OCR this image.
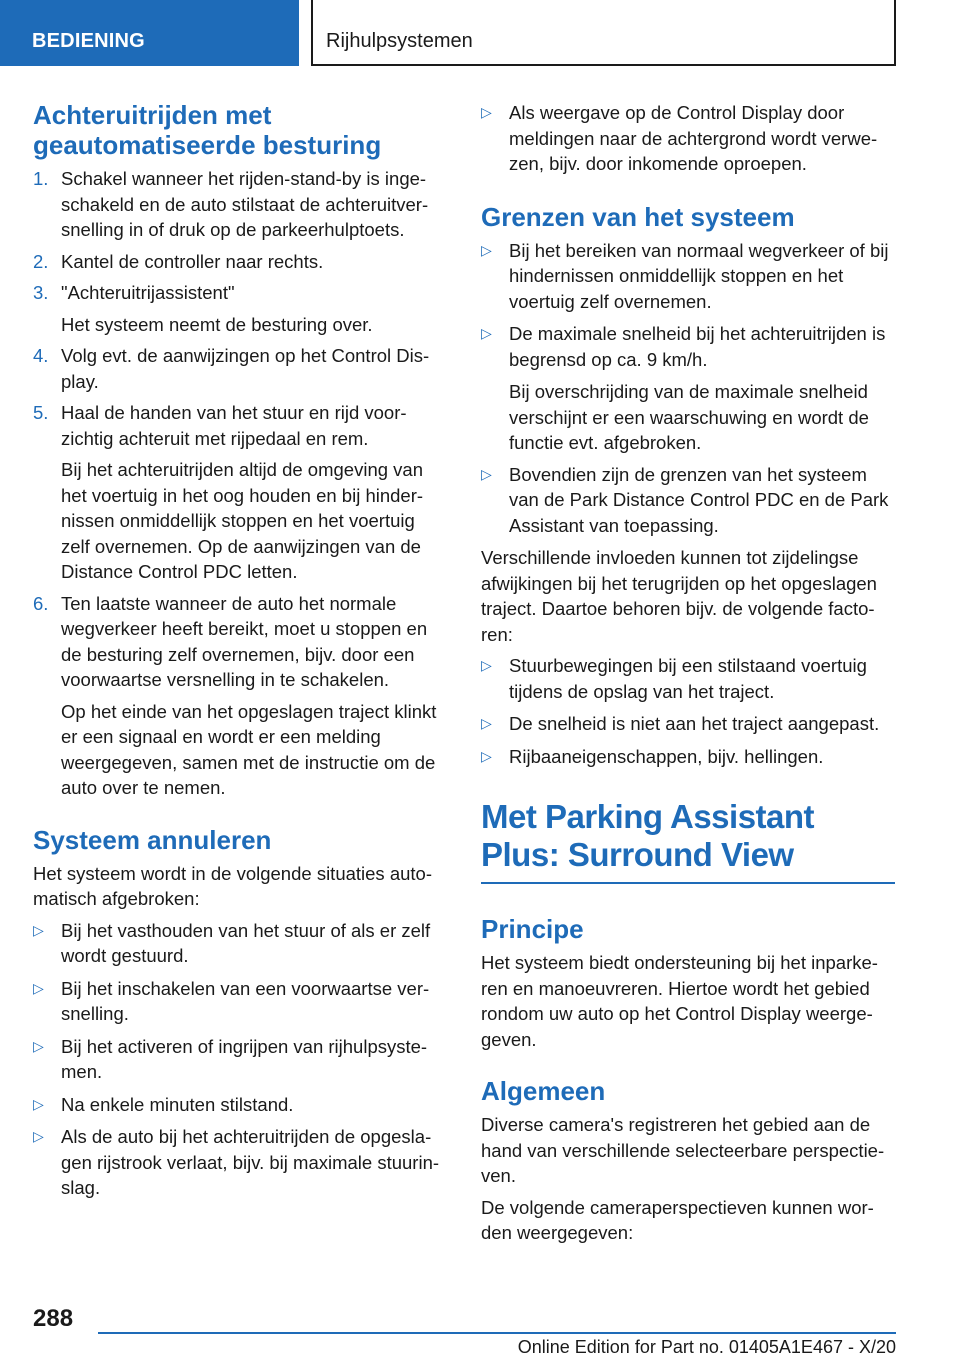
BEDIENING	Rijhulpsystemen
Achteruitrijden met geautomatiseerde besturing
1. Schakel wanneer het rijden-stand-by is inge-schakeld en de auto stilstaat de achteruitver-snelling in of druk op de parkeerhulptoets.
2. Kantel de controller naar rechts.
3. "Achteruitrijassistent"
Het systeem neemt de besturing over.
4. Volg evt. de aanwijzingen op het Control Dis-play.
5. Haal de handen van het stuur en rijd voor-zichtig achteruit met rijpedaal en rem.
Bij het achteruitrijden altijd de omgeving van het voertuig in het oog houden en bij hinder-nissen onmiddellijk stoppen en het voertuig zelf overnemen. Op de aanwijzingen van de Distance Control PDC letten.
6. Ten laatste wanneer de auto het normale wegverkeer heeft bereikt, moet u stoppen en de besturing zelf overnemen, bijv. door een voorwaartse versnelling in te schakelen.
Op het einde van het opgeslagen traject klinkt er een signaal en wordt er een melding weergegeven, samen met de instructie om de auto over te nemen.
Systeem annuleren

Het systeem wordt in de volgende situaties auto-matisch afgebroken:

▷ Bij het vasthouden van het stuur of als er zelf wordt gestuurd.
▷ Bij het inschakelen van een voorwaartse ver-snelling.
▷ Bij het activeren of ingrijpen van rijhulpsyste-men.
▷ Na enkele minuten stilstand.
▷ Als de auto bij het achteruitrijden de opgesla-gen rijstrook verlaat, bijv. bij maximale stuurin-slag.
▷ Als weergave op de Control Display door meldingen naar de achtergrond wordt verwe-zen, bijv. door inkomende oproepen.
Grenzen van het systeem
▷ Bij het bereiken van normaal wegverkeer of bij hindernissen onmiddellijk stoppen en het voertuig zelf overnemen.
▷ De maximale snelheid bij het achteruitrijden is begrensd op ca. 9 km/h.
Bij overschrijding van de maximale snelheid verschijnt er een waarschuwing en wordt de functie evt. afgebroken.
▷ Bovendien zijn de grenzen van het systeem van de Park Distance Control PDC en de Park Assistant van toepassing.

Verschillende invloeden kunnen tot zijdelingse afwijkingen bij het terugrijden op het opgeslagen traject. Daartoe behoren bijv. de volgende facto-ren:

▷ Stuurbewegingen bij een stilstaand voertuig tijdens de opslag van het traject.
▷ De snelheid is niet aan het traject aangepast.
▷ Rijbaaneigenschappen, bijv. hellingen.
Met Parking Assistant Plus: Surround View
Principe

Het systeem biedt ondersteuning bij het inparke-ren en manoeuvreren. Hiertoe wordt het gebied rondom uw auto op het Control Display weerge-geven.

Algemeen

Diverse camera's registreren het gebied aan de hand van verschillende selecteerbare perspectie-ven.

De volgende cameraperspectieven kunnen wor-den weergegeven:

288
Online Edition for Part no. 01405A1E467 - X/20
